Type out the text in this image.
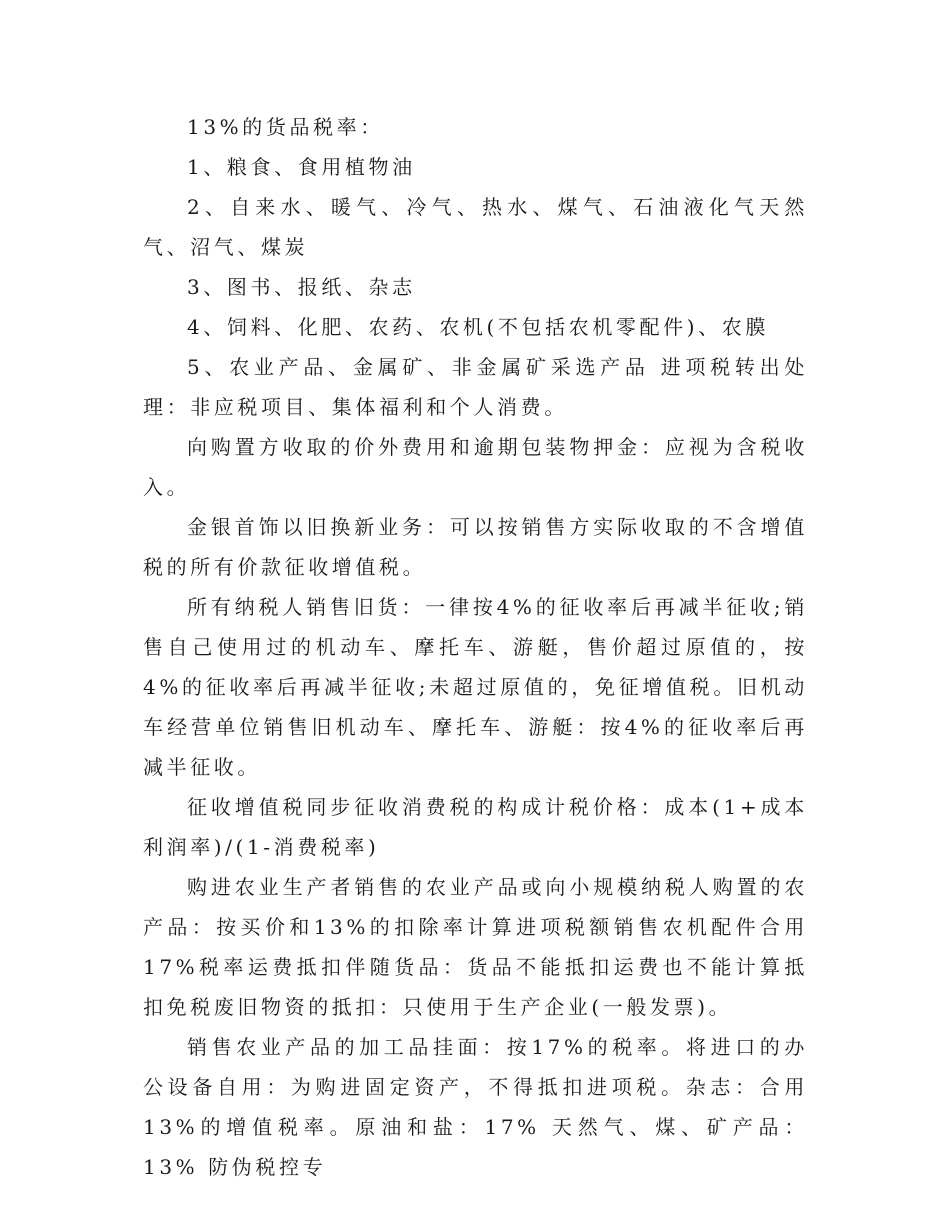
13%的货品税率：

1、粮食、食用植物油

2、自来水、暖气、冷气、热水、煤气、石油液化气天然气、沼气、煤炭

3、图书、报纸、杂志

4、饲料、化肥、农药、农机(不包括农机零配件)、农膜

5、农业产品、金属矿、非金属矿采选产品 进项税转出处理：非应税项目、集体福利和个人消费。

向购置方收取的价外费用和逾期包装物押金：应视为含税收入。

金银首饰以旧换新业务：可以按销售方实际收取的不含增值税的所有价款征收增值税。

所有纳税人销售旧货：一律按4%的征收率后再减半征收;销售自己使用过的机动车、摩托车、游艇，售价超过原值的，按4%的征收率后再减半征收;未超过原值的，免征增值税。旧机动车经营单位销售旧机动车、摩托车、游艇：按4%的征收率后再减半征收。

征收增值税同步征收消费税的构成计税价格：成本(1+成本利润率)/(1-消费税率)

购进农业生产者销售的农业产品或向小规模纳税人购置的农产品：按买价和13%的扣除率计算进项税额销售农机配件合用17%税率运费抵扣伴随货品：货品不能抵扣运费也不能计算抵扣免税废旧物资的抵扣：只使用于生产企业(一般发票)。

销售农业产品的加工品挂面：按17%的税率。将进口的办公设备自用：为购进固定资产，不得抵扣进项税。杂志：合用13%的增值税率。原油和盐：17% 天然气、煤、矿产品：13% 防伪税控专
